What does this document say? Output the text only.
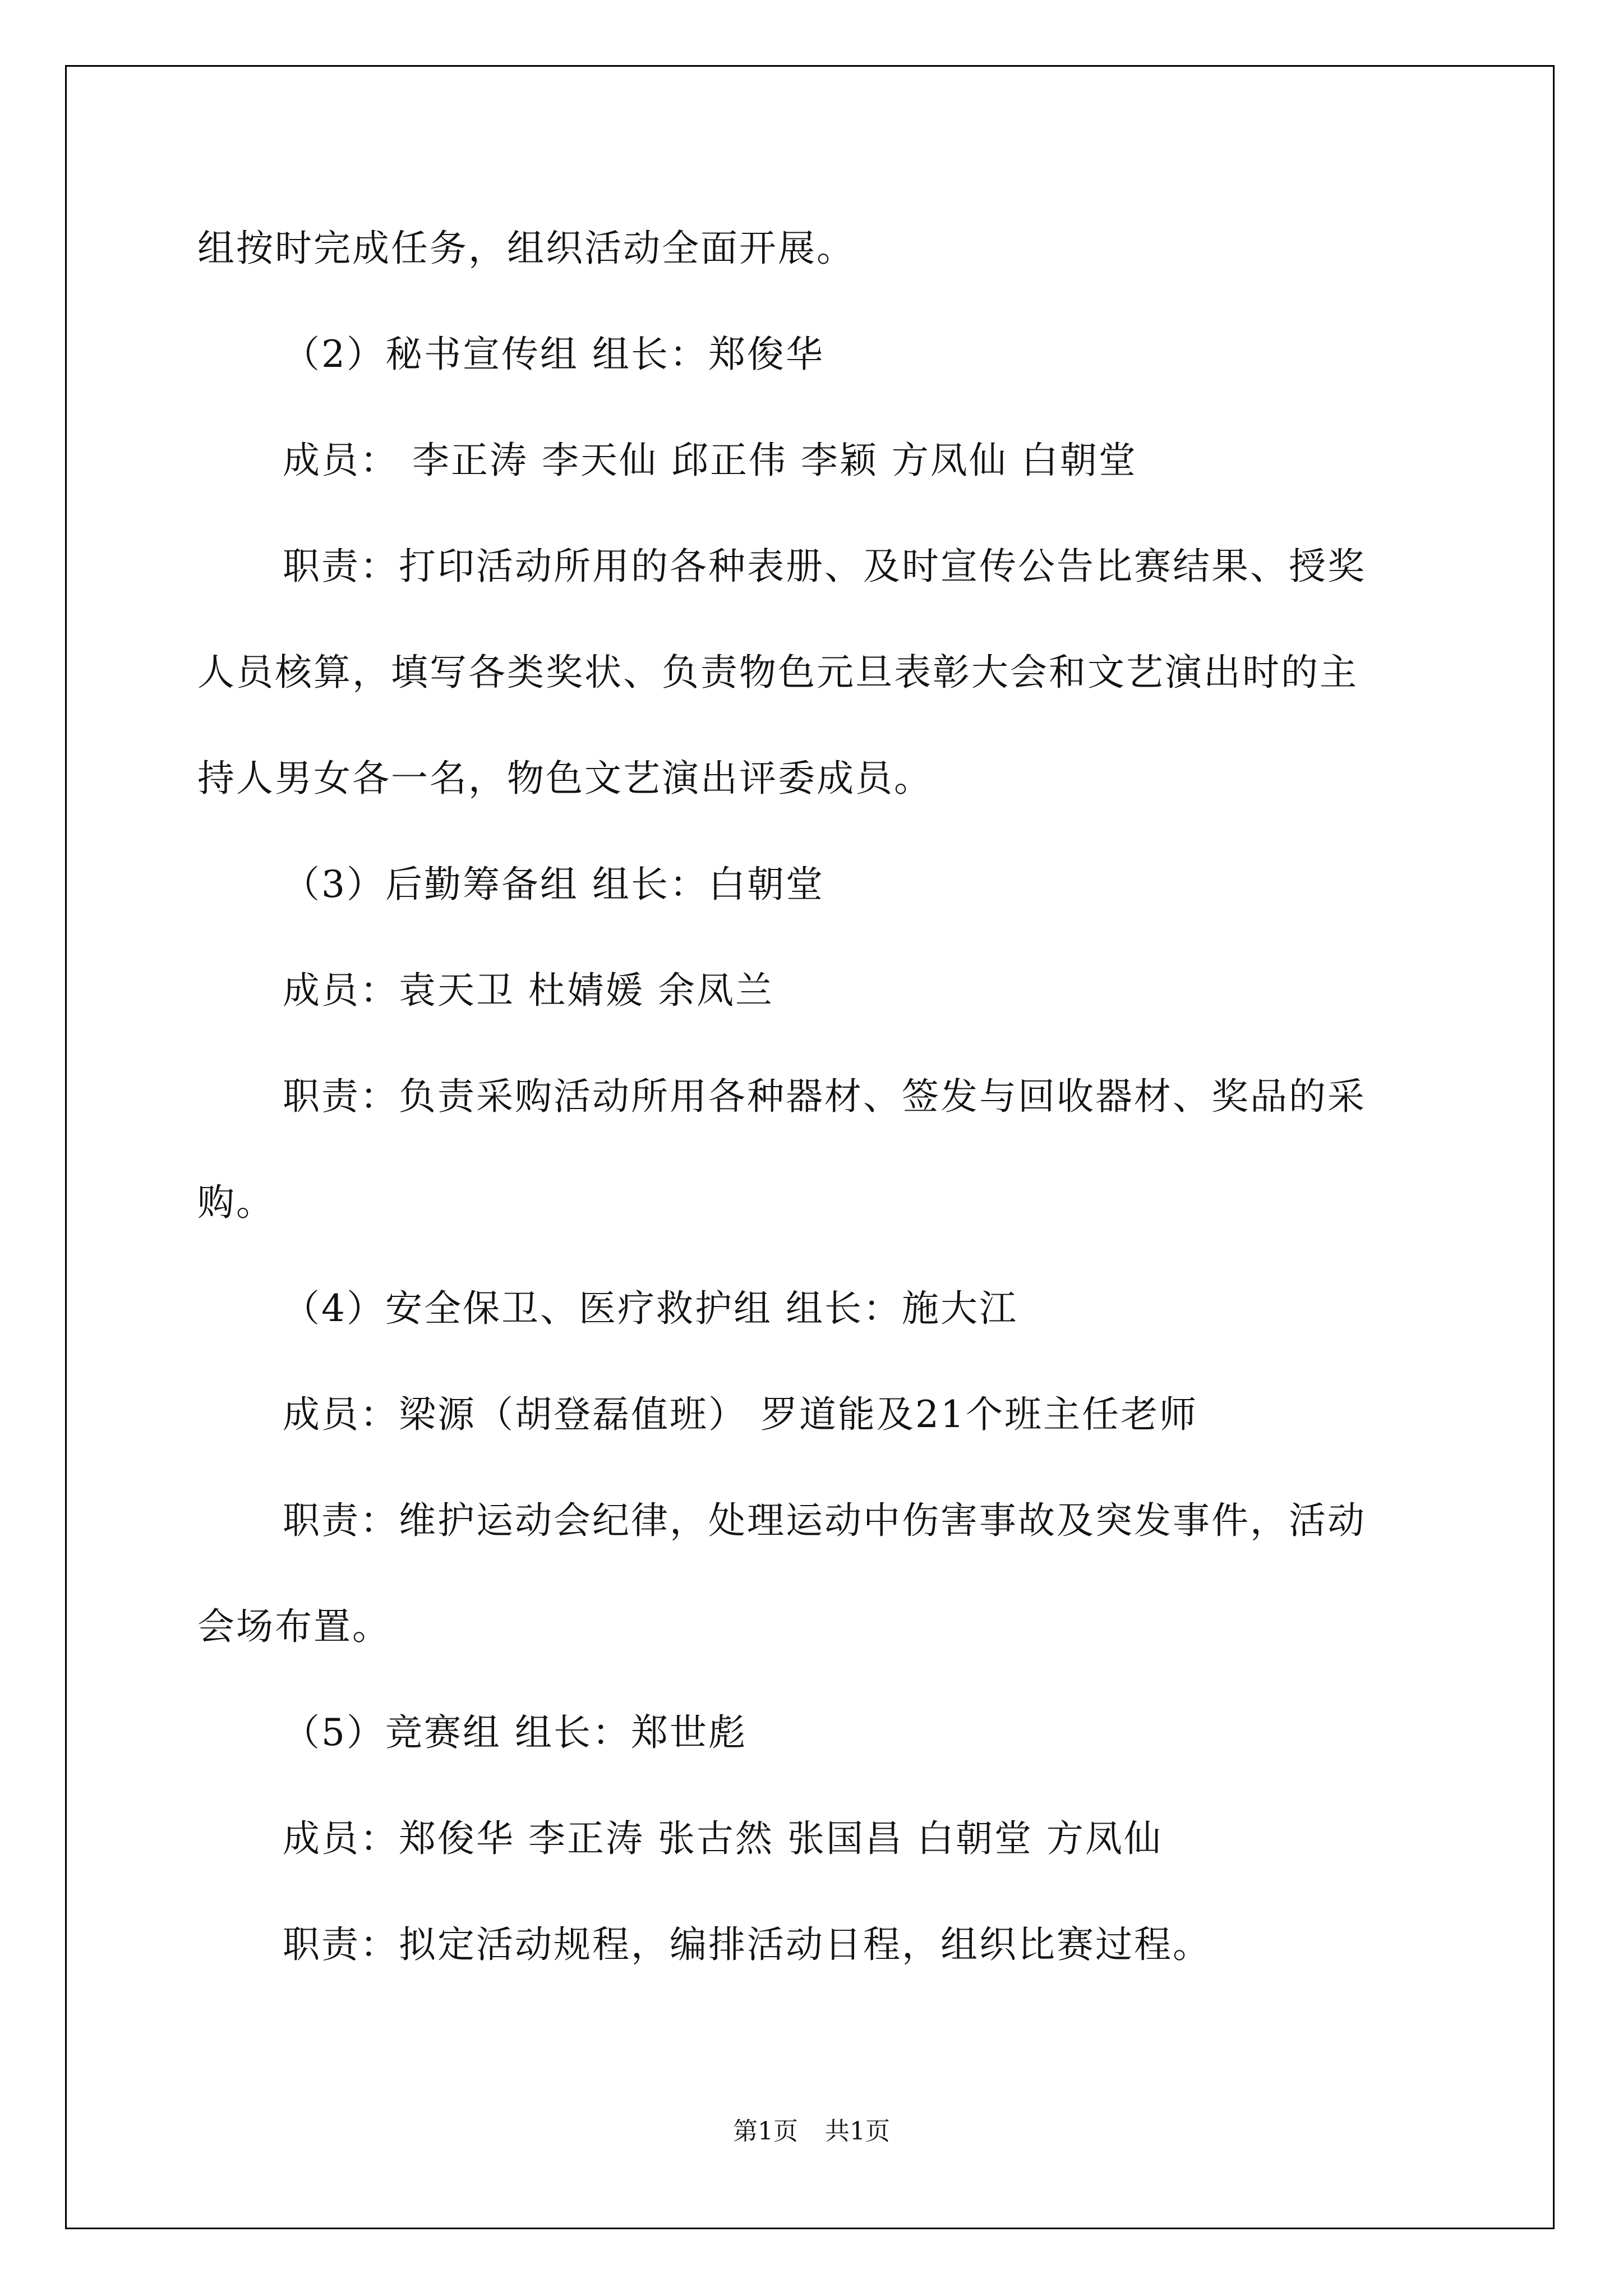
组按时完成任务，组织活动全面开展。
（2）秘书宣传组 组长：郑俊华
成员： 李正涛 李天仙 邱正伟 李颖 方凤仙 白朝堂
职责：打印活动所用的各种表册、及时宣传公告比赛结果、授奖
人员核算，填写各类奖状、负责物色元旦表彰大会和文艺演出时的主
持人男女各一名，物色文艺演出评委成员。
（3）后勤筹备组 组长：白朝堂
成员：袁天卫 杜婧媛 余凤兰
职责：负责采购活动所用各种器材、签发与回收器材、奖品的采
购。
（4）安全保卫、医疗救护组 组长：施大江
成员：梁源（胡登磊值班） 罗道能及21个班主任老师
职责：维护运动会纪律，处理运动中伤害事故及突发事件，活动
会场布置。
（5）竞赛组 组长：郑世彪
成员：郑俊华 李正涛 张古然 张国昌 白朝堂 方凤仙
职责：拟定活动规程，编排活动日程，组织比赛过程。
第1页 共1页
